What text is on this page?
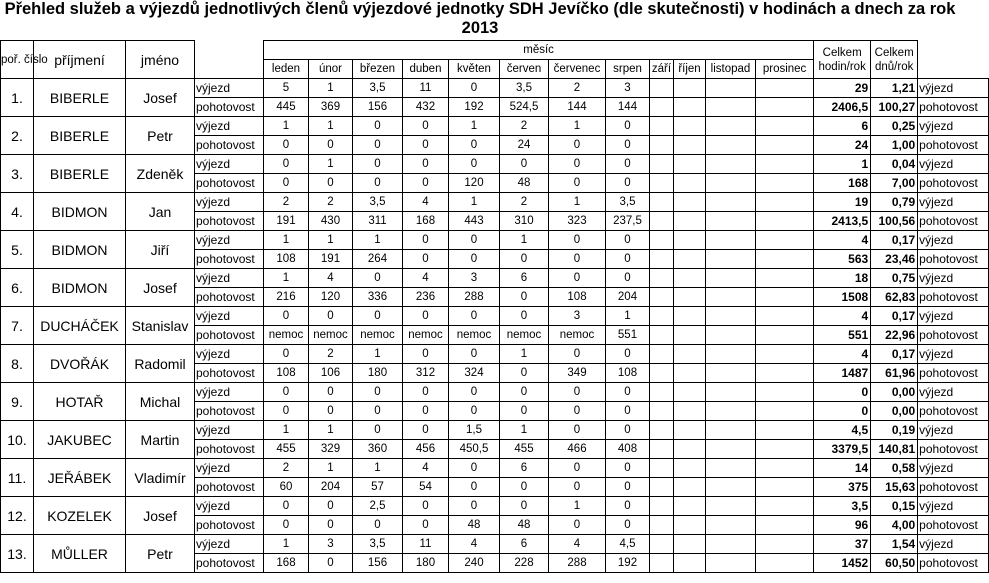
Přehled služeb a výjezdů jednotlivých členů výjezdové jednotky SDH Jevíčko (dle skutečnosti) v hodinách a dnech za rok 2013
poř. číslo	příjmení	jméno		měsíc												Celkem hodin/rok	Celkem dnů/rok	
				leden	únor	březen	duben	květen	červen	červenec	srpen	září	říjen	listopad	prosinec			
1.	BIBERLE	Josef	výjezd	5	1	3,5	11	0	3,5	2	3					29	1,21	výjezd
			pohotovost	445	369	156	432	192	524,5	144	144					2406,5	100,27	pohotovost
2.	BIBERLE	Petr	výjezd	1	1	0	0	1	2	1	0					6	0,25	výjezd
			pohotovost	0	0	0	0	0	24	0	0					24	1,00	pohotovost
3.	BIBERLE	Zdeněk	výjezd	0	1	0	0	0	0	0	0					1	0,04	výjezd
			pohotovost	0	0	0	0	120	48	0	0					168	7,00	pohotovost
4.	BIDMON	Jan	výjezd	2	2	3,5	4	1	2	1	3,5					19	0,79	výjezd
			pohotovost	191	430	311	168	443	310	323	237,5					2413,5	100,56	pohotovost
5.	BIDMON	Jiří	výjezd	1	1	1	0	0	1	0	0					4	0,17	výjezd
			pohotovost	108	191	264	0	0	0	0	0					563	23,46	pohotovost
6.	BIDMON	Josef	výjezd	1	4	0	4	3	6	0	0					18	0,75	výjezd
			pohotovost	216	120	336	236	288	0	108	204					1508	62,83	pohotovost
7.	DUCHÁČEK	Stanislav	výjezd	0	0	0	0	0	0	3	1					4	0,17	výjezd
			pohotovost	nemoc	nemoc	nemoc	nemoc	nemoc	nemoc	nemoc	551					551	22,96	pohotovost
8.	DVOŘÁK	Radomil	výjezd	0	2	1	0	0	1	0	0					4	0,17	výjezd
			pohotovost	108	106	180	312	324	0	349	108					1487	61,96	pohotovost
9.	HOTAŘ	Michal	výjezd	0	0	0	0	0	0	0	0					0	0,00	výjezd
			pohotovost	0	0	0	0	0	0	0	0					0	0,00	pohotovost
10.	JAKUBEC	Martin	výjezd	1	1	0	0	1,5	1	0	0					4,5	0,19	výjezd
			pohotovost	455	329	360	456	450,5	455	466	408					3379,5	140,81	pohotovost
11.	JEŘÁBEK	Vladimír	výjezd	2	1	1	4	0	6	0	0					14	0,58	výjezd
			pohotovost	60	204	57	54	0	0	0	0					375	15,63	pohotovost
12.	KOZELEK	Josef	výjezd	0	0	2,5	0	0	0	1	0					3,5	0,15	výjezd
			pohotovost	0	0	0	0	48	48	0	0					96	4,00	pohotovost
13.	MŮLLER	Petr	výjezd	1	3	3,5	11	4	6	4	4,5					37	1,54	výjezd
			pohotovost	168	0	156	180	240	228	288	192					1452	60,50	pohotovost
